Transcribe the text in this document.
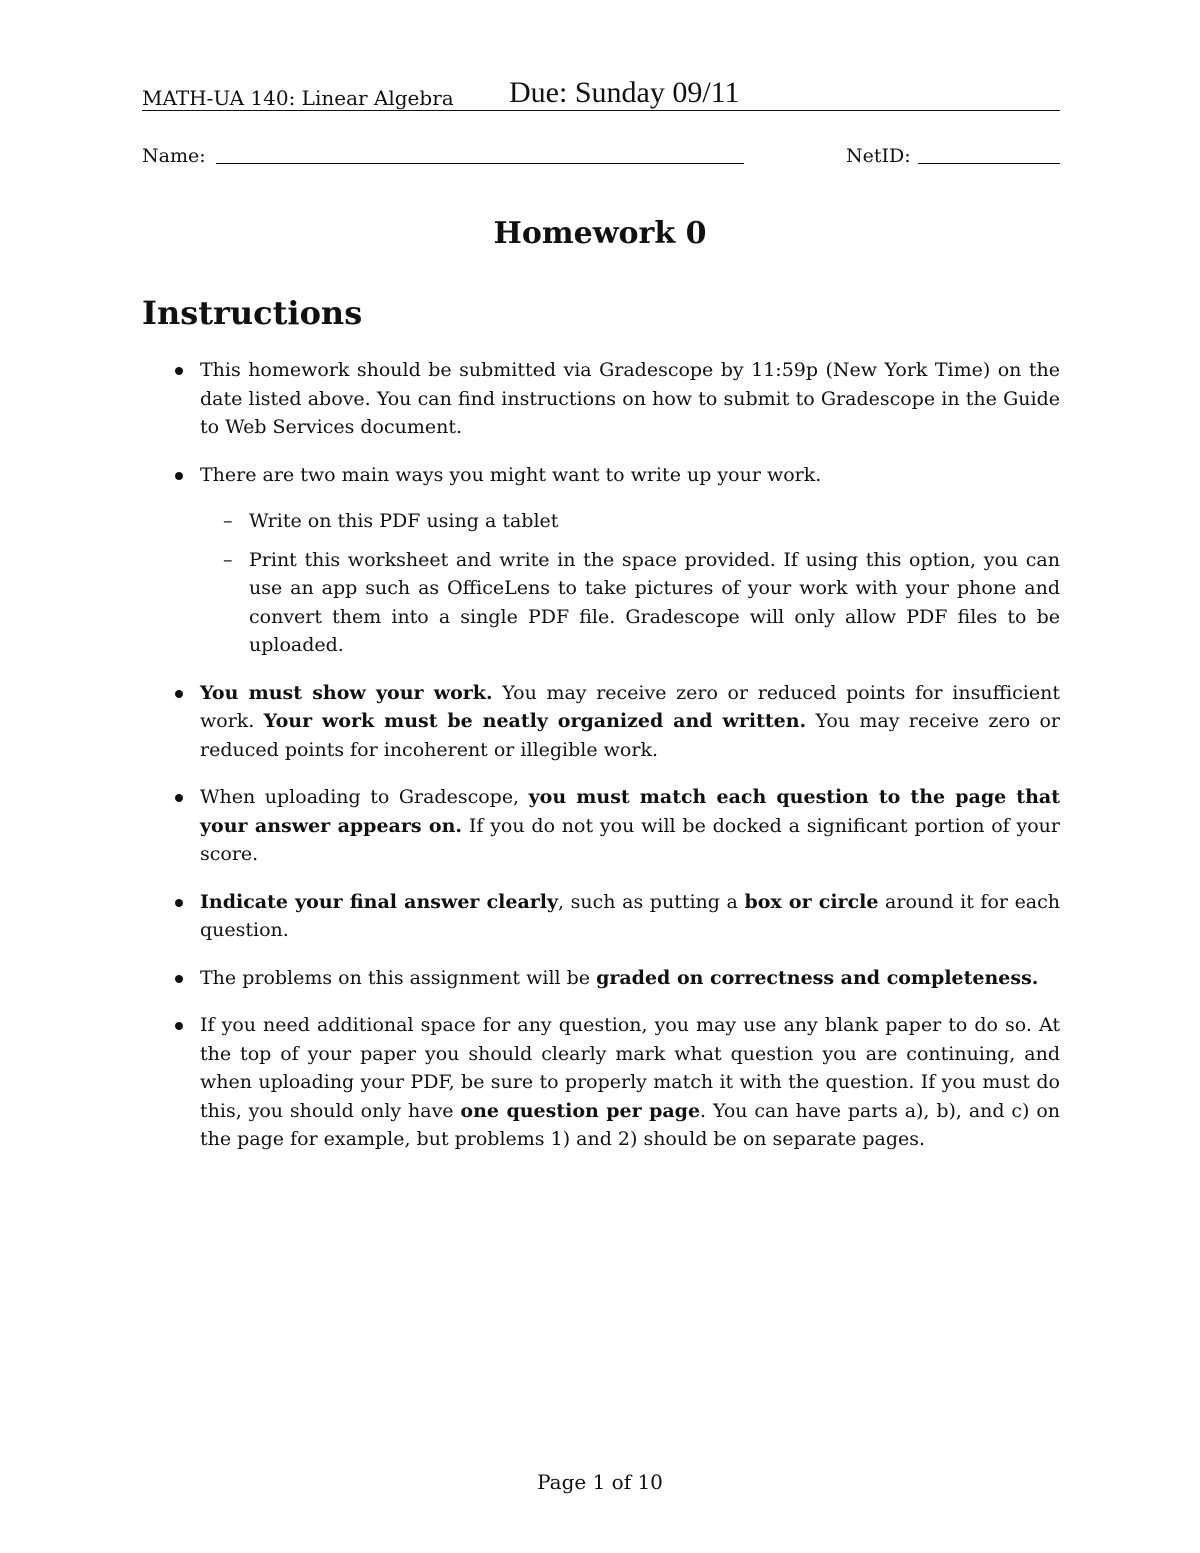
MATH-UA 140: Linear Algebra Due: Sunday 09/11
Name:	NetID:
Homework 0
Instructions
This homework should be submitted via Gradescope by 11:59p (New York Time) on the date listed above. You can find instructions on how to submit to Gradescope in the Guide to Web Services document.
There are two main ways you might want to write up your work.
– Write on this PDF using a tablet
– Print this worksheet and write in the space provided. If using this option, you can use an app such as OfficeLens to take pictures of your work with your phone and convert them into a single PDF file. Gradescope will only allow PDF files to be uploaded.
You must show your work. You may receive zero or reduced points for insufficient work. Your work must be neatly organized and written. You may receive zero or reduced points for incoherent or illegible work.
When uploading to Gradescope, you must match each question to the page that your answer appears on. If you do not you will be docked a significant portion of your score.
Indicate your final answer clearly, such as putting a box or circle around it for each question.
The problems on this assignment will be graded on correctness and completeness.
If you need additional space for any question, you may use any blank paper to do so. At the top of your paper you should clearly mark what question you are continuing, and when uploading your PDF, be sure to properly match it with the question. If you must do this, you should only have one question per page. You can have parts a), b), and c) on the page for example, but problems 1) and 2) should be on separate pages.
Page 1 of 10
